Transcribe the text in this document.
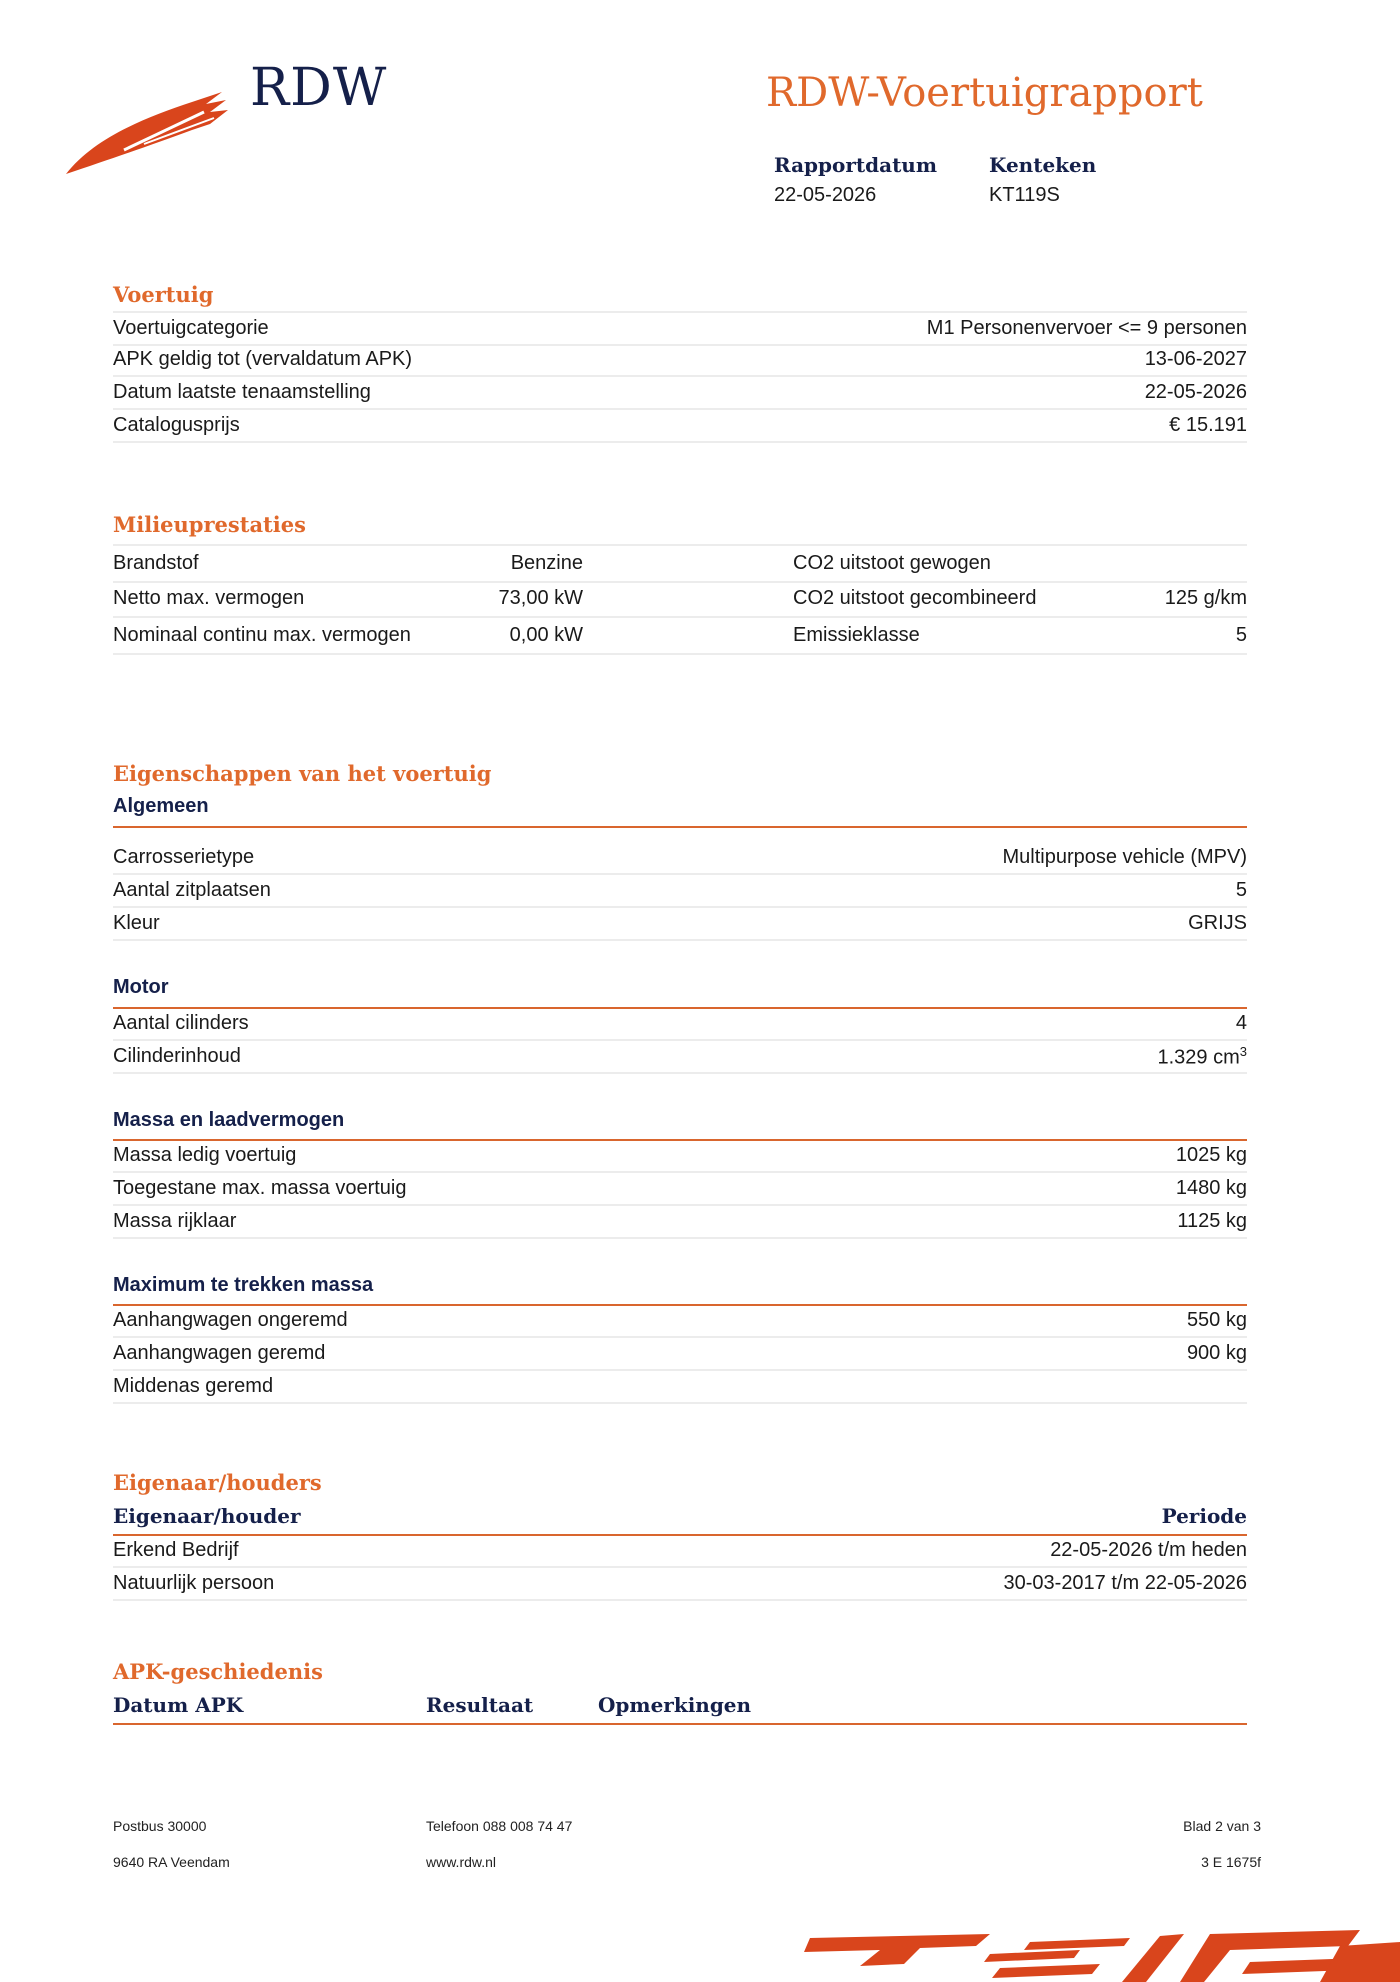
RDW	RDW-Voertuigrapport
Rapportdatum
22-05-2026
Kenteken
KT119S
Voertuig
Voertuigcategorie	M1 Personenvervoer <= 9 personen
APK geldig tot (vervaldatum APK)	13-06-2027
Datum laatste tenaamstelling	22-05-2026
Catalogusprijs	€ 15.191
Milieuprestaties
Brandstof	Benzine	CO2 uitstoot gewogen
Netto max. vermogen	73,00 kW	CO2 uitstoot gecombineerd	125 g/km
Nominaal continu max. vermogen	0,00 kW	Emissieklasse	5
Eigenschappen van het voertuig
Algemeen
Carrosserietype	Multipurpose vehicle (MPV)
Aantal zitplaatsen	5
Kleur	GRIJS
Motor
Aantal cilinders	4
Cilinderinhoud	1.329 $cm^3$
Massa en laadvermogen
Massa ledig voertuig	1025 kg
Toegestane max. massa voertuig	1480 kg
Massa rijklaar	1125 kg
Maximum te trekken massa
Aanhangwagen ongeremd	550 kg
Aanhangwagen geremd	900 kg
Middenas geremd
Eigenaar/houders
Eigenaar/houder	Periode
Erkend Bedrijf	22-05-2026 t/m heden
Natuurlijk persoon	30-03-2017 t/m 22-05-2026
APK-geschiedenis
Datum APK	Resultaat	Opmerkingen
Postbus 30000
9640 RA Veendam
Telefoon 088 008 74 47
www.rdw.nl
Blad 2 van 3
3 E 1675f
